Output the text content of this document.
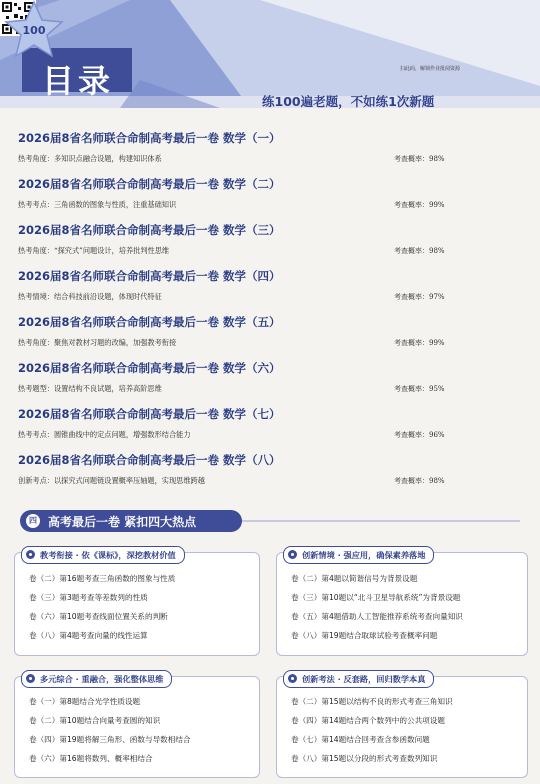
目录	扫此码，解锁作业批阅资源
100
练100遍老题，不如练1次新题
2026届8省名师联合命制高考最后一卷 数学（一）
热考角度：多知识点融合设题，构建知识体系	考查概率：98%
2026届8省名师联合命制高考最后一卷 数学（二）
热考考点：三角函数的图象与性质，注重基础知识	考查概率：99%
2026届8省名师联合命制高考最后一卷 数学（三）
热考角度：“探究式”问题设计，培养批判性思维	考查概率：98%
2026届8省名师联合命制高考最后一卷 数学（四）
热考情境：结合科技前沿设题，体现时代特征	考查概率：97%
2026届8省名师联合命制高考最后一卷 数学（五）
热考角度：聚焦对教材习题的改编，加强教考衔接	考查概率：99%
2026届8省名师联合命制高考最后一卷 数学（六）
热考题型：设置结构不良试题，培养高阶思维	考查概率：95%
2026届8省名师联合命制高考最后一卷 数学（七）
热考考点：圆锥曲线中的定点问题，增强数形结合能力	考查概率：96%
2026届8省名师联合命制高考最后一卷 数学（八）
创新考点：以探究式问题链设置概率压轴题，实现思维跨越	考查概率：98%
四 高考最后一卷 紧扣四大热点
教考衔接 · 依《课标》，深挖教材价值
卷（二）第16题考查三角函数的图象与性质
卷（三）第3题考查等差数列的性质
卷（六）第10题考查线面位置关系的判断
卷（八）第4题考查向量的线性运算
创新情境 · 强应用，确保素养落地
卷（二）第4题以简谐信号为背景设题
卷（三）第10题以“北斗卫星导航系统”为背景设题
卷（五）第4题借助人工智能推荐系统考查向量知识
卷（八）第19题结合取球试验考查概率问题
多元综合 · 重融合，强化整体思维
卷（一）第8题结合光学性质设题
卷（二）第10题结合向量考查圆的知识
卷（四）第19题将解三角形、函数与导数相结合
卷（六）第16题将数列、概率相结合
创新考法 · 反套路，回归数学本真
卷（二）第15题以结构不良的形式考查三角知识
卷（四）第14题结合两个数列中的公共项设题
卷（七）第14题结合回考查含参函数问题
卷（八）第15题以分段的形式考查数列知识
